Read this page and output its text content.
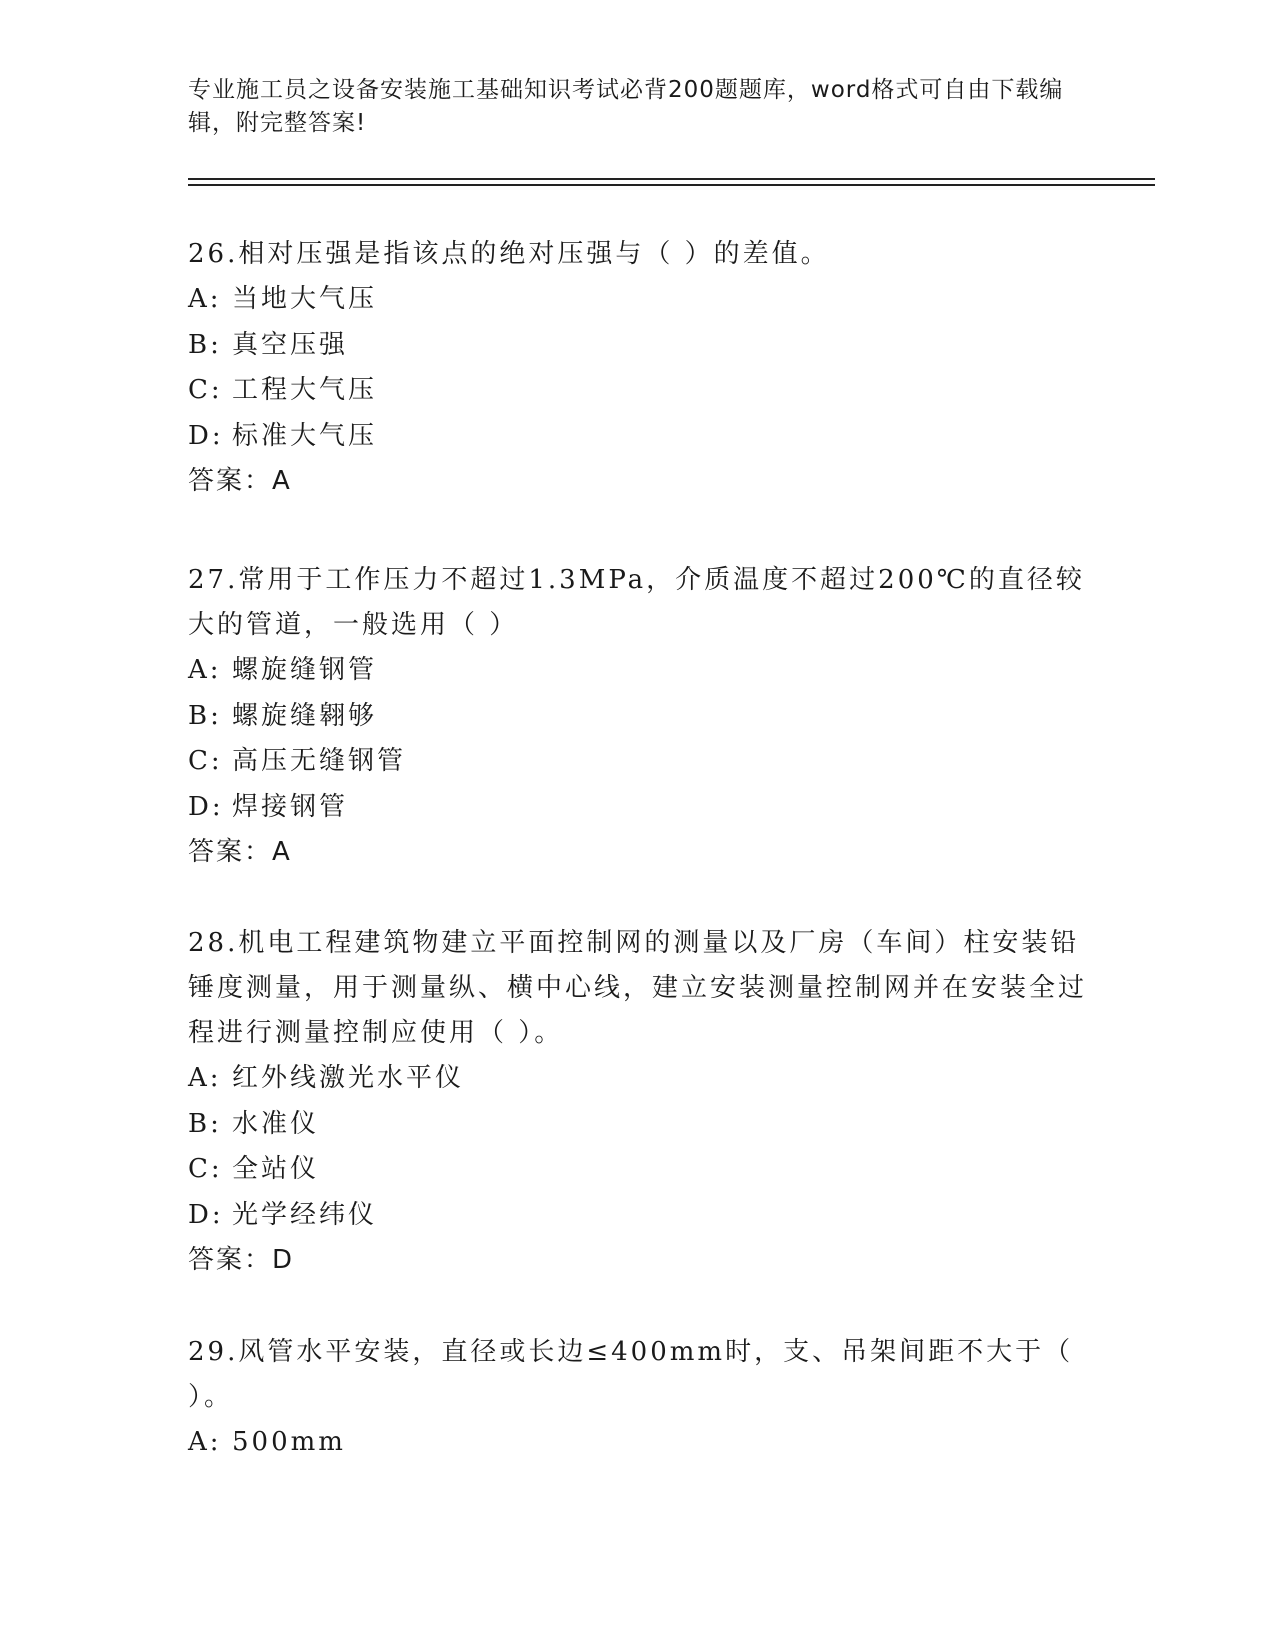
专业施工员之设备安装施工基础知识考试必背200题题库，word格式可自由下载编辑，附完整答案!

26.相对压强是指该点的绝对压强与（ ）的差值。

A: 当地大气压

B: 真空压强

C: 工程大气压

D: 标准大气压

答案：A

27.常用于工作压力不超过1.3MPa，介质温度不超过200℃的直径较大的管道，一般选用（ ）

A: 螺旋缝钢管

B: 螺旋缝翱够

C: 高压无缝钢管

D: 焊接钢管

答案：A

28.机电工程建筑物建立平面控制网的测量以及厂房（车间）柱安装铅锤度测量，用于测量纵、横中心线，建立安装测量控制网并在安装全过程进行测量控制应使用（ ）。

A: 红外线激光水平仪

B: 水准仪

C: 全站仪

D: 光学经纬仪

答案：D

29.风管水平安装，直径或长边≤400mm时，支、吊架间距不大于（ ）。

A: 500mm
